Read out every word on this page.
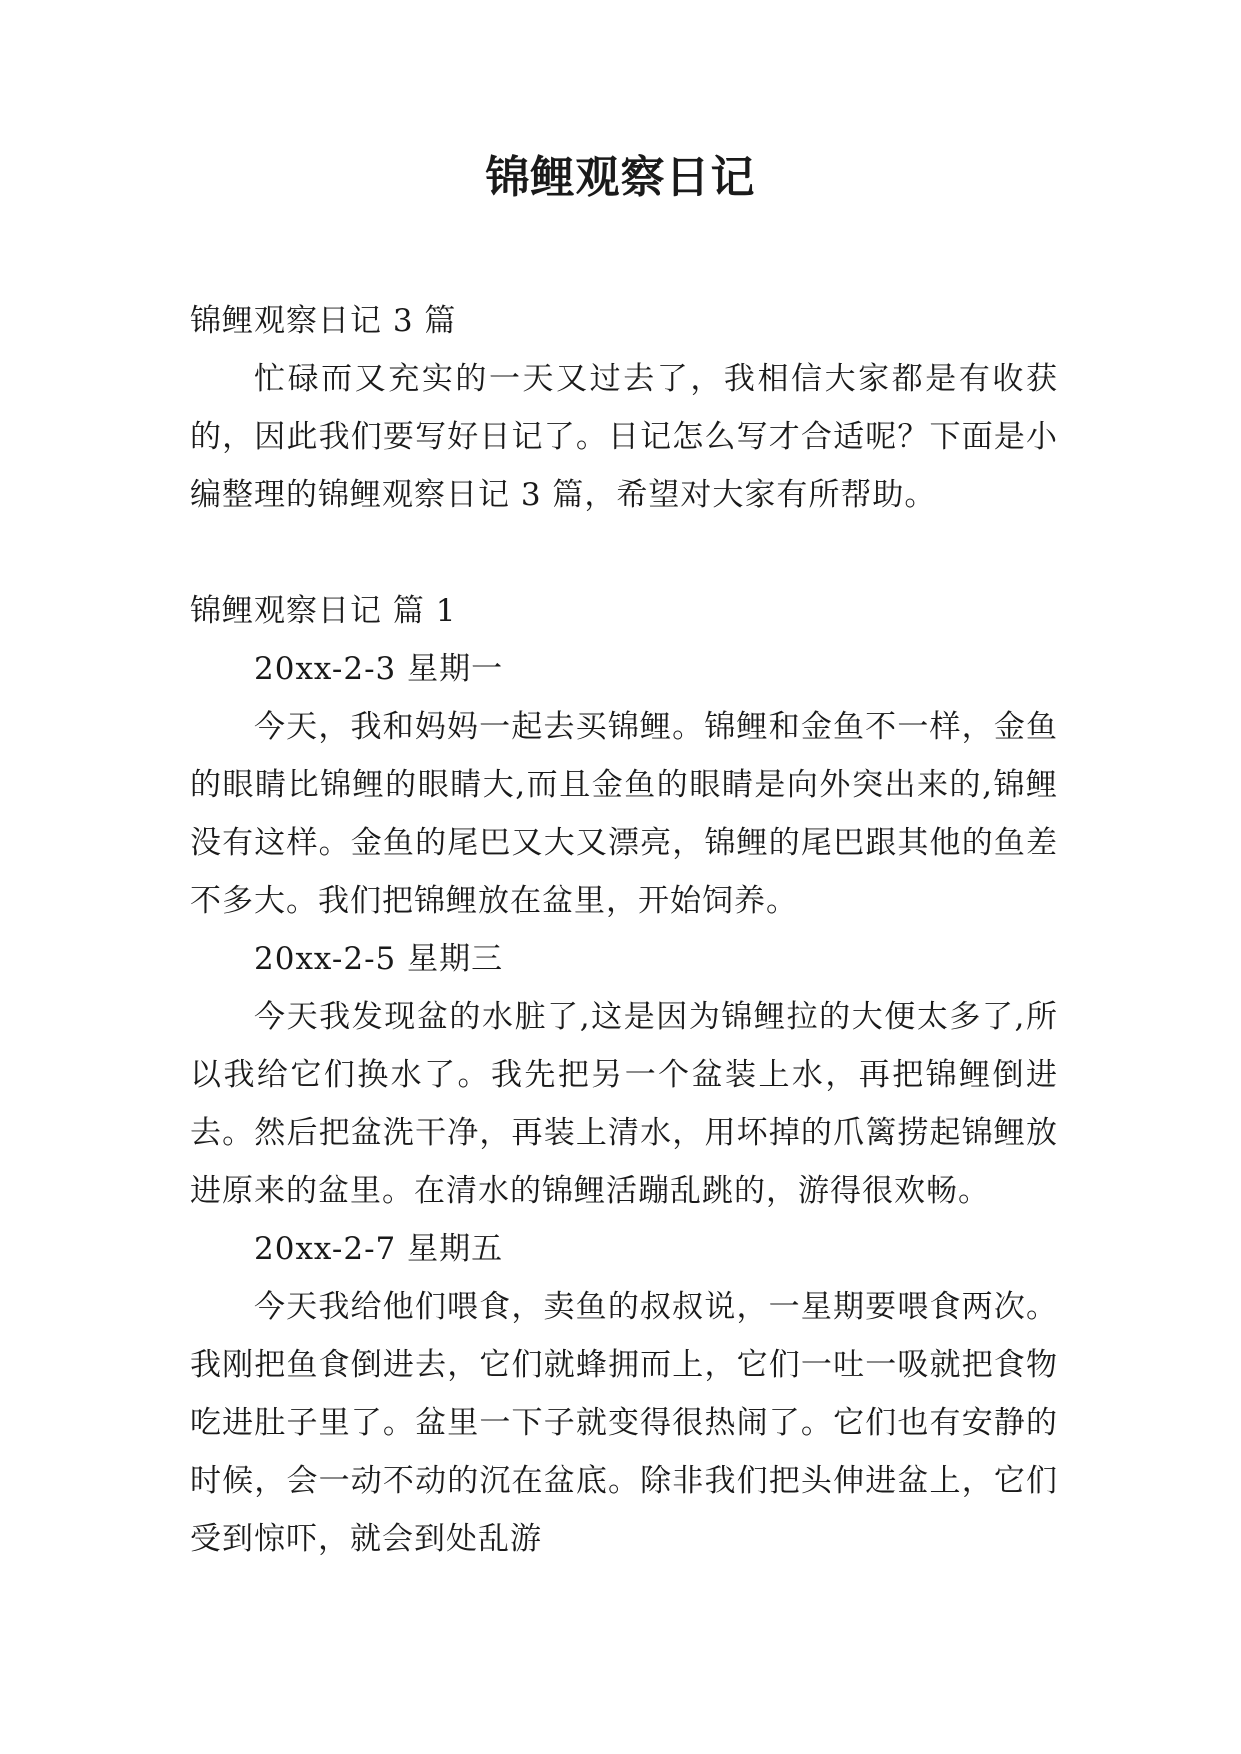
锦鲤观察日记

锦鲤观察日记 3 篇

忙碌而又充实的一天又过去了，我相信大家都是有收获的，因此我们要写好日记了。日记怎么写才合适呢？下面是小编整理的锦鲤观察日记 3 篇，希望对大家有所帮助。

锦鲤观察日记 篇 1

20xx-2-3 星期一

今天，我和妈妈一起去买锦鲤。锦鲤和金鱼不一样，金鱼的眼睛比锦鲤的眼睛大,而且金鱼的眼睛是向外突出来的,锦鲤没有这样。金鱼的尾巴又大又漂亮，锦鲤的尾巴跟其他的鱼差不多大。我们把锦鲤放在盆里，开始饲养。

20xx-2-5 星期三

今天我发现盆的水脏了,这是因为锦鲤拉的大便太多了,所以我给它们换水了。我先把另一个盆装上水，再把锦鲤倒进去。然后把盆洗干净，再装上清水，用坏掉的爪篱捞起锦鲤放进原来的盆里。在清水的锦鲤活蹦乱跳的，游得很欢畅。

20xx-2-7 星期五

今天我给他们喂食，卖鱼的叔叔说，一星期要喂食两次。我刚把鱼食倒进去，它们就蜂拥而上，它们一吐一吸就把食物吃进肚子里了。盆里一下子就变得很热闹了。它们也有安静的时候，会一动不动的沉在盆底。除非我们把头伸进盆上，它们受到惊吓，就会到处乱游
